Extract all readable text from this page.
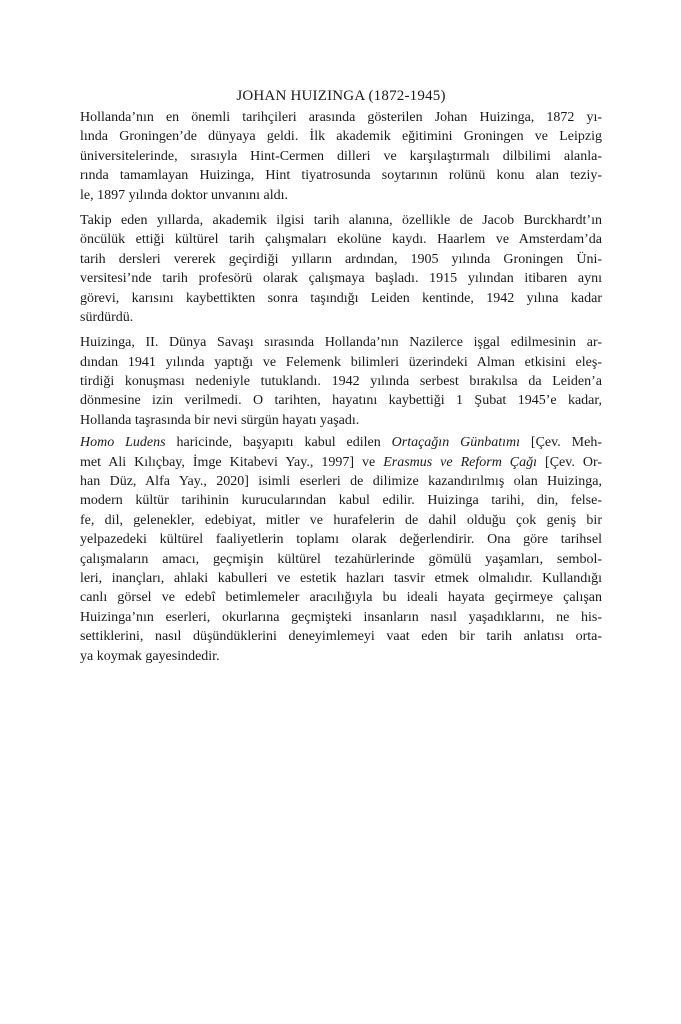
JOHAN HUIZINGA (1872-1945)
Hollanda’nın en önemli tarihçileri arasında gösterilen Johan Huizinga, 1872 yı-
lında Groningen’de dünyaya geldi. İlk akademik eğitimini Groningen ve Leipzig
üniversitelerinde, sırasıyla Hint-Cermen dilleri ve karşılaştırmalı dilbilimi alanla-
rında tamamlayan Huizinga, Hint tiyatrosunda soytarının rolünü konu alan teziy-
le, 1897 yılında doktor unvanını aldı.
Takip eden yıllarda, akademik ilgisi tarih alanına, özellikle de Jacob Burckhardt’ın
öncülük ettiği kültürel tarih çalışmaları ekolüne kaydı. Haarlem ve Amsterdam’da
tarih dersleri vererek geçirdiği yılların ardından, 1905 yılında Groningen Üni-
versitesi’nde tarih profesörü olarak çalışmaya başladı. 1915 yılından itibaren aynı
görevi, karısını kaybettikten sonra taşındığı Leiden kentinde, 1942 yılına kadar
sürdürdü.
Huizinga, II. Dünya Savaşı sırasında Hollanda’nın Nazilerce işgal edilmesinin ar-
dından 1941 yılında yaptığı ve Felemenk bilimleri üzerindeki Alman etkisini eleş-
tirdiği konuşması nedeniyle tutuklandı. 1942 yılında serbest bırakılsa da Leiden’a
dönmesine izin verilmedi. O tarihten, hayatını kaybettiği 1 Şubat 1945’e kadar,
Hollanda taşrasında bir nevi sürgün hayatı yaşadı.
Homo Ludens haricinde, başyapıtı kabul edilen Ortaçağın Günbatımı [Çev. Meh-
met Ali Kılıçbay, İmge Kitabevi Yay., 1997] ve Erasmus ve Reform Çağı [Çev. Or-
han Düz, Alfa Yay., 2020] isimli eserleri de dilimize kazandırılmış olan Huizinga,
modern kültür tarihinin kurucularından kabul edilir. Huizinga tarihi, din, felse-
fe, dil, gelenekler, edebiyat, mitler ve hurafelerin de dahil olduğu çok geniş bir
yelpazedeki kültürel faaliyetlerin toplamı olarak değerlendirir. Ona göre tarihsel
çalışmaların amacı, geçmişin kültürel tezahürlerinde gömülü yaşamları, sembol-
leri, inançları, ahlaki kabulleri ve estetik hazları tasvir etmek olmalıdır. Kullandığı
canlı görsel ve edebî betimlemeler aracılığıyla bu ideali hayata geçirmeye çalışan
Huizinga’nın eserleri, okurlarına geçmişteki insanların nasıl yaşadıklarını, ne his-
settiklerini, nasıl düşündüklerini deneyimlemeyi vaat eden bir tarih anlatısı orta-
ya koymak gayesindedir.
